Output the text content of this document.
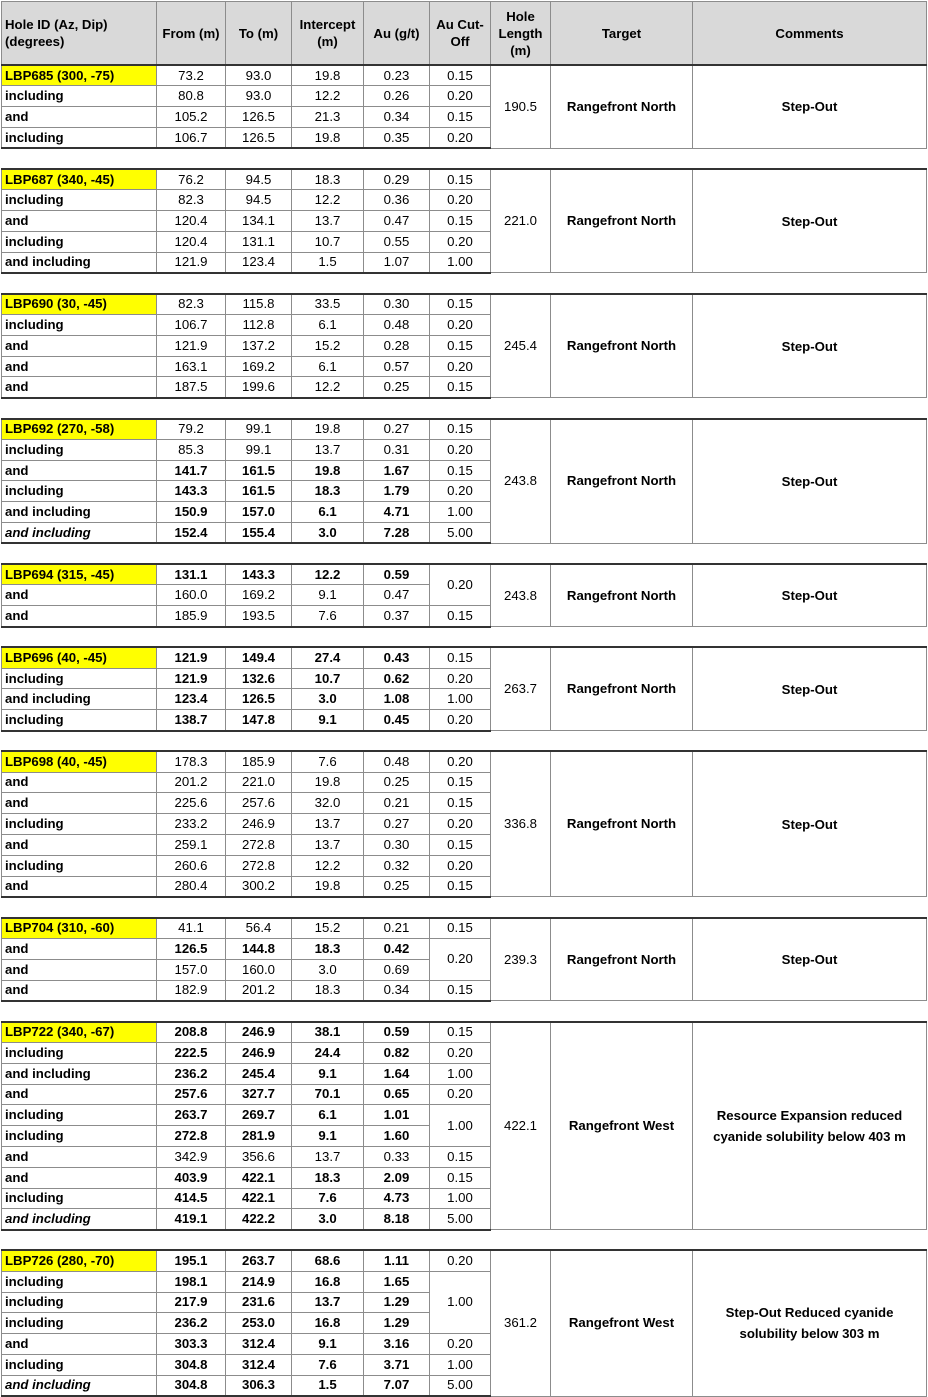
Hole ID (Az, Dip) (degrees)	From (m)	To (m)	Intercept (m)	Au (g/t)	Au Cut-Off	Hole Length (m)	Target	Comments
LBP685 (300, -75)	73.2	93.0	19.8	0.23	0.15	190.5	Rangefront North	Step-Out
including	80.8	93.0	12.2	0.26	0.20			
and	105.2	126.5	21.3	0.34	0.15			
including	106.7	126.5	19.8	0.35	0.20			

LBP687 (340, -45)	76.2	94.5	18.3	0.29	0.15	221.0	Rangefront North	Step-Out
including	82.3	94.5	12.2	0.36	0.20			
and	120.4	134.1	13.7	0.47	0.15			
including	120.4	131.1	10.7	0.55	0.20			
and including	121.9	123.4	1.5	1.07	1.00			

LBP690 (30, -45)	82.3	115.8	33.5	0.30	0.15	245.4	Rangefront North	Step-Out
including	106.7	112.8	6.1	0.48	0.20			
and	121.9	137.2	15.2	0.28	0.15			
and	163.1	169.2	6.1	0.57	0.20			
and	187.5	199.6	12.2	0.25	0.15			

LBP692 (270, -58)	79.2	99.1	19.8	0.27	0.15	243.8	Rangefront North	Step-Out
including	85.3	99.1	13.7	0.31	0.20			
and	141.7	161.5	19.8	1.67	0.15			
including	143.3	161.5	18.3	1.79	0.20			
and including	150.9	157.0	6.1	4.71	1.00			
and including	152.4	155.4	3.0	7.28	5.00			

LBP694 (315, -45)	131.1	143.3	12.2	0.59	0.20	243.8	Rangefront North	Step-Out
and	160.0	169.2	9.1	0.47				
and	185.9	193.5	7.6	0.37	0.15			

LBP696 (40, -45)	121.9	149.4	27.4	0.43	0.15	263.7	Rangefront North	Step-Out
including	121.9	132.6	10.7	0.62	0.20			
and including	123.4	126.5	3.0	1.08	1.00			
including	138.7	147.8	9.1	0.45	0.20			

LBP698 (40, -45)	178.3	185.9	7.6	0.48	0.20	336.8	Rangefront North	Step-Out
and	201.2	221.0	19.8	0.25	0.15			
and	225.6	257.6	32.0	0.21	0.15			
including	233.2	246.9	13.7	0.27	0.20			
and	259.1	272.8	13.7	0.30	0.15			
including	260.6	272.8	12.2	0.32	0.20			
and	280.4	300.2	19.8	0.25	0.15			

LBP704 (310, -60)	41.1	56.4	15.2	0.21	0.15	239.3	Rangefront North	Step-Out
and	126.5	144.8	18.3	0.42	0.20			
and	157.0	160.0	3.0	0.69				
and	182.9	201.2	18.3	0.34	0.15			

LBP722 (340, -67)	208.8	246.9	38.1	0.59	0.15	422.1	Rangefront West	Resource Expansion reduced cyanide solubility below 403 m
including	222.5	246.9	24.4	0.82	0.20			
and including	236.2	245.4	9.1	1.64	1.00			
and	257.6	327.7	70.1	0.65	0.20			
including	263.7	269.7	6.1	1.01	1.00			
including	272.8	281.9	9.1	1.60				
and	342.9	356.6	13.7	0.33	0.15			
and	403.9	422.1	18.3	2.09	0.15			
including	414.5	422.1	7.6	4.73	1.00			
and including	419.1	422.2	3.0	8.18	5.00			

LBP726 (280, -70)	195.1	263.7	68.6	1.11	0.20	361.2	Rangefront West	Step-Out Reduced cyanide solubility below 303 m
including	198.1	214.9	16.8	1.65	1.00			
including	217.9	231.6	13.7	1.29				
including	236.2	253.0	16.8	1.29				
and	303.3	312.4	9.1	3.16	0.20			
including	304.8	312.4	7.6	3.71	1.00			
and including	304.8	306.3	1.5	7.07	5.00			
